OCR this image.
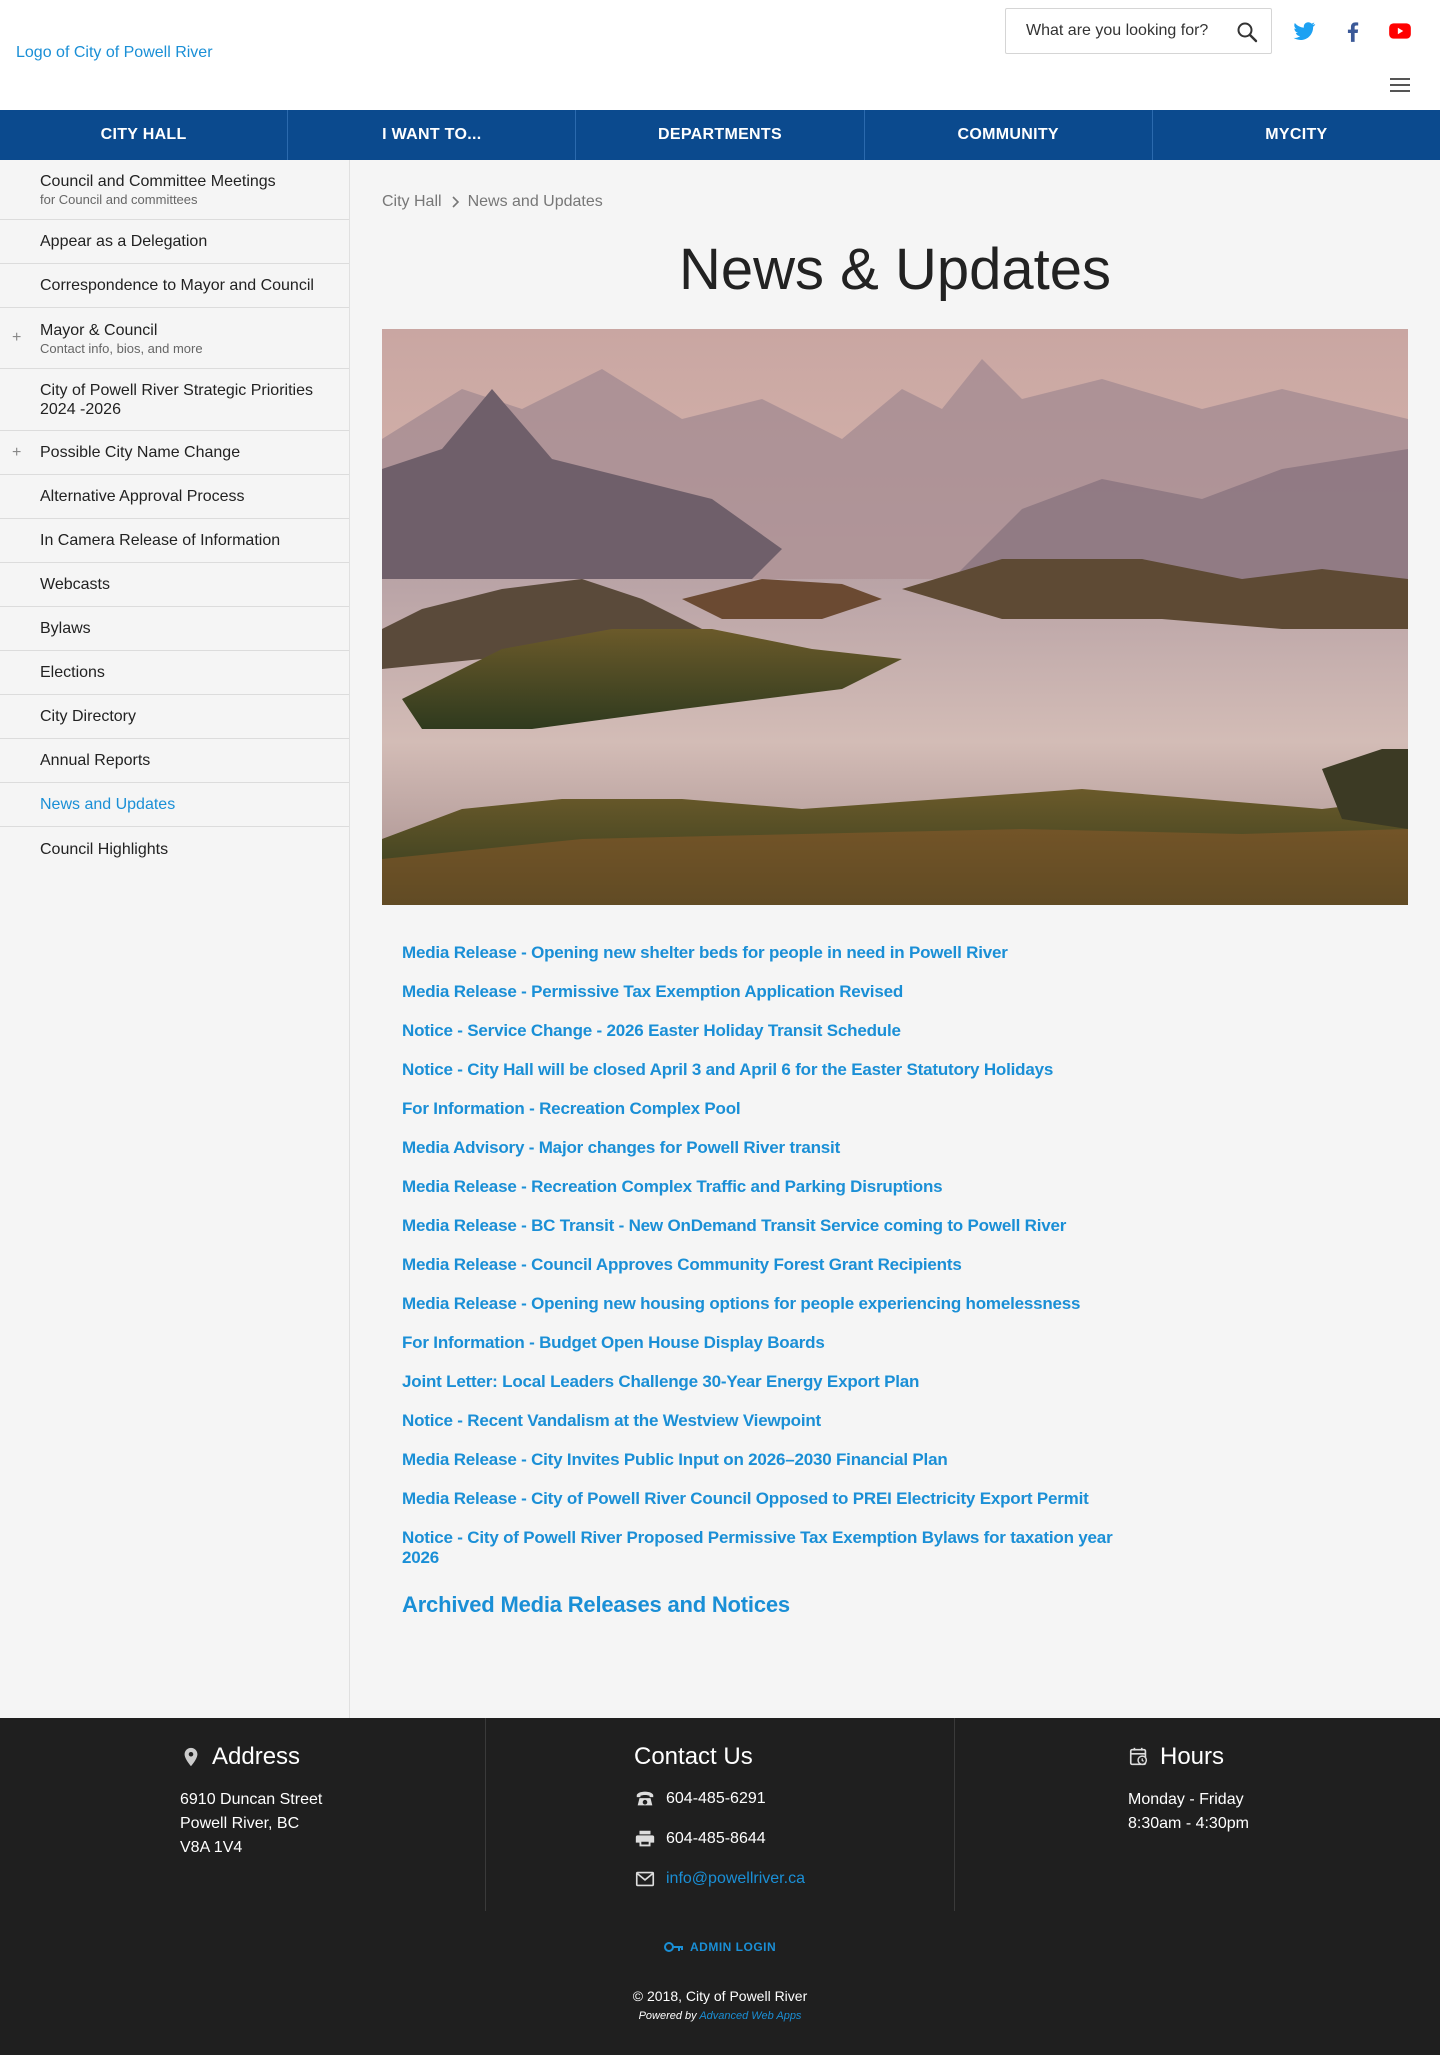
Logo of City of Powell River
What are you looking for?
CITY HALL	I WANT TO...	DEPARTMENTS	COMMUNITY	MYCITY
Council and Committee Meetings
for Council and committees
Appear as a Delegation
Correspondence to Mayor and Council
+ Mayor & Council
Contact info, bios, and more
City of Powell River Strategic Priorities 2024 -2026
+ Possible City Name Change
Alternative Approval Process
In Camera Release of Information
Webcasts
Bylaws
Elections
City Directory
Annual Reports
News and Updates
Council Highlights
City Hall News and Updates
News & Updates
Media Release - Opening new shelter beds for people in need in Powell River
Media Release - Permissive Tax Exemption Application Revised
Notice - Service Change - 2026 Easter Holiday Transit Schedule
Notice - City Hall will be closed April 3 and April 6 for the Easter Statutory Holidays
For Information - Recreation Complex Pool
Media Advisory - Major changes for Powell River transit
Media Release - Recreation Complex Traffic and Parking Disruptions
Media Release - BC Transit - New OnDemand Transit Service coming to Powell River
Media Release - Council Approves Community Forest Grant Recipients
Media Release - Opening new housing options for people experiencing homelessness
For Information - Budget Open House Display Boards
Joint Letter: Local Leaders Challenge 30-Year Energy Export Plan
Notice - Recent Vandalism at the Westview Viewpoint
Media Release - City Invites Public Input on 2026–2030 Financial Plan
Media Release - City of Powell River Council Opposed to PREI Electricity Export Permit
Notice - City of Powell River Proposed Permissive Tax Exemption Bylaws for taxation year 2026
Archived Media Releases and Notices
Address
6910 Duncan Street
Powell River, BC
V8A 1V4
Contact Us
604-485-6291
604-485-8644
info@powellriver.ca
Hours
Monday - Friday
8:30am - 4:30pm
ADMIN LOGIN
© 2018, City of Powell River
Powered by Advanced Web Apps
